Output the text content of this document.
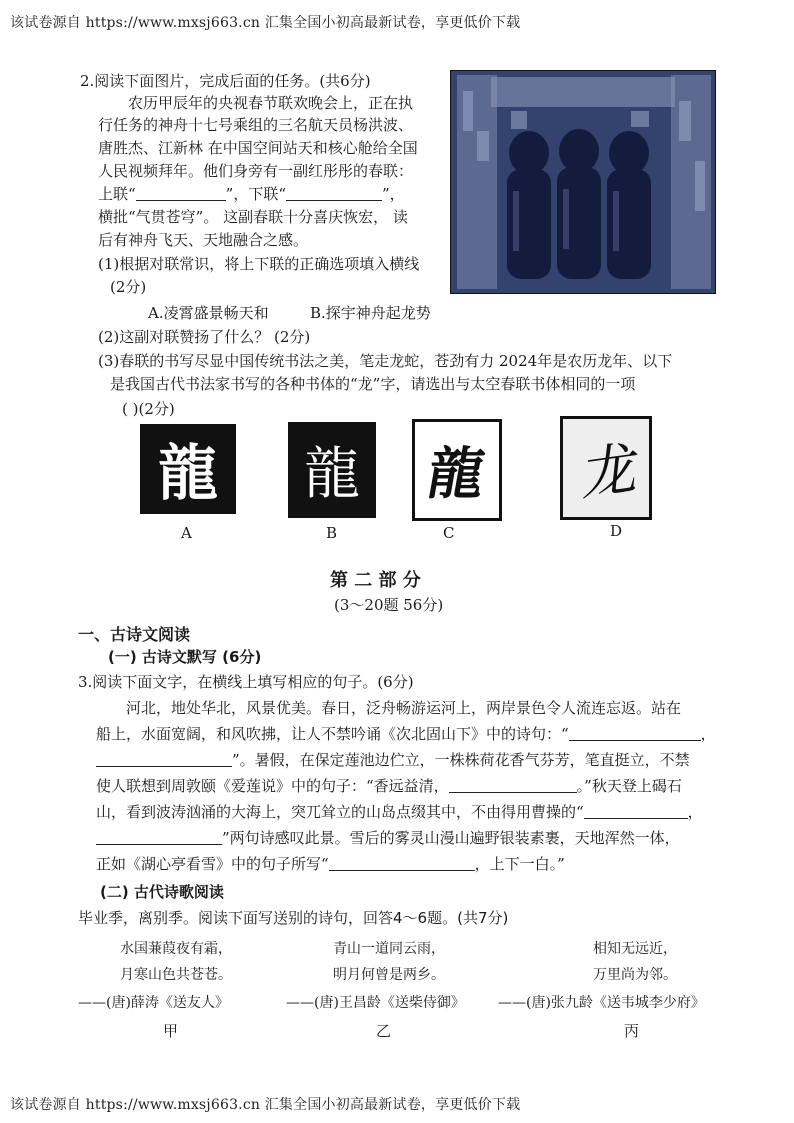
该试卷源自 https://www.mxsj663.cn 汇集全国小初高最新试卷，享更低价下载
2.阅读下面图片，完成后面的任务。(共6分)
农历甲辰年的央视春节联欢晚会上，正在执
行任务的神舟十七号乘组的三名航天员杨洪波、
唐胜杰、江新林 在中国空间站天和核心舱给全国
人民视频拜年。他们身旁有一副红彤彤的春联：
上联“	”，下联“	”，
横批“气贯苍穹”。 这副春联十分喜庆恢宏， 读
后有神舟飞天、天地融合之感。
(1)根据对联常识，将上下联的正确选项填入横线
(2分)
A.凌霄盛景畅天和	B.探宇神舟起龙势
(2)这副对联赞扬了什么？ (2分)
(3)春联的书写尽显中国传统书法之美，笔走龙蛇，苍劲有力 2024年是农历龙年、以下
是我国古代书法家书写的各种书体的“龙”字，请选出与太空春联书体相同的一项
( )(2分)
龍 龍 龍 龙
A	B	C	D
第 二 部 分
(3～20题 56分)
一、古诗文阅读
(一) 古诗文默写 (6分)
3.阅读下面文字，在横线上填写相应的句子。(6分)
河北，地处华北，风景优美。春日，泛舟畅游运河上，两岸景色令人流连忘返。站在
船上，水面宽阔，和风吹拂，让人不禁吟诵《次北固山下》中的诗句：“	，
”。暑假，在保定莲池边伫立，一株株荷花香气芬芳，笔直挺立，不禁
使人联想到周敦颐《爱莲说》中的句子：“香远益清，	。”秋天登上碣石
山，看到波涛汹涌的大海上，突兀耸立的山岛点缀其中，不由得用曹操的“	，
”两句诗感叹此景。雪后的雾灵山漫山遍野银装素裹，天地浑然一体，
正如《湖心亭看雪》中的句子所写“	，上下一白。”
(二) 古代诗歌阅读
毕业季，离别季。阅读下面写送别的诗句，回答4～6题。(共7分)
水国蒹葭夜有霜，
月寒山色共苍苍。
——(唐)薛涛《送友人》
甲
青山一道同云雨，
明月何曾是两乡。
——(唐)王昌龄《送柴侍御》
乙
相知无远近，
万里尚为邻。
——(唐)张九龄《送韦城李少府》
丙
该试卷源自 https://www.mxsj663.cn 汇集全国小初高最新试卷，享更低价下载
